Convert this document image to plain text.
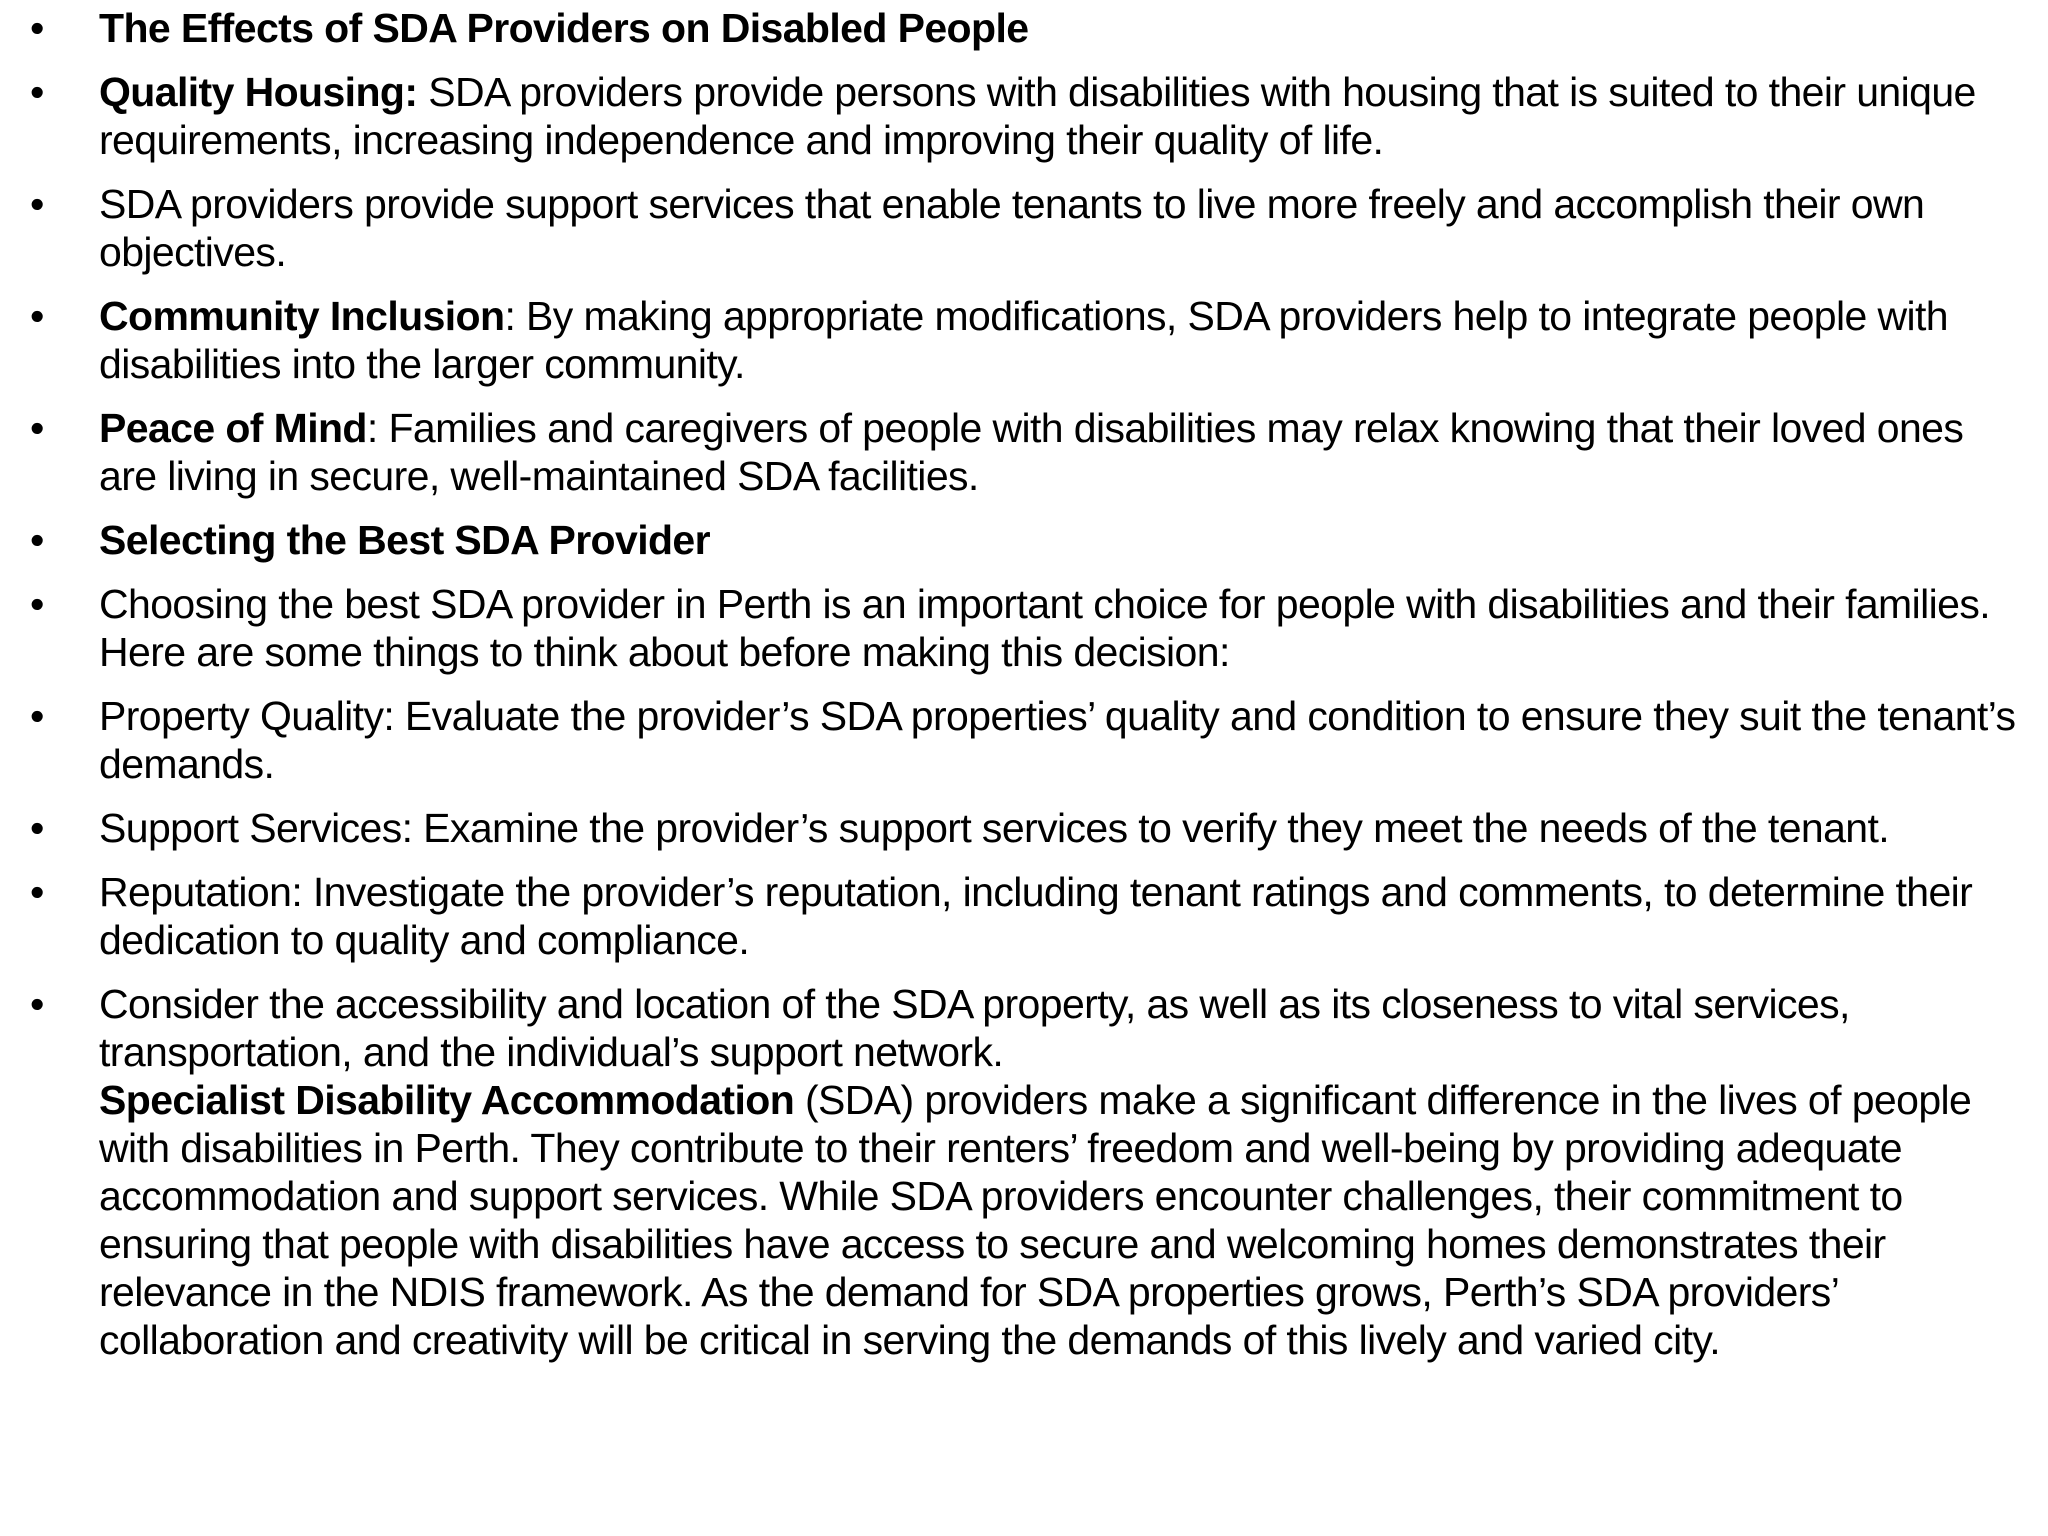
•	The Effects of SDA Providers on Disabled People
•	Quality Housing: SDA providers provide persons with disabilities with housing that is suited to their unique requirements, increasing independence and improving their quality of life.
•	SDA providers provide support services that enable tenants to live more freely and accomplish their own objectives.
•	Community Inclusion: By making appropriate modifications, SDA providers help to integrate people with disabilities into the larger community.
•	Peace of Mind: Families and caregivers of people with disabilities may relax knowing that their loved ones are living in secure, well-maintained SDA facilities.
•	Selecting the Best SDA Provider
•	Choosing the best SDA provider in Perth is an important choice for people with disabilities and their families. Here are some things to think about before making this decision:
•	Property Quality: Evaluate the provider’s SDA properties’ quality and condition to ensure they suit the tenant’s demands.
•	Support Services: Examine the provider’s support services to verify they meet the needs of the tenant.
•	Reputation: Investigate the provider’s reputation, including tenant ratings and comments, to determine their dedication to quality and compliance.
•	Consider the accessibility and location of the SDA property, as well as its closeness to vital services, transportation, and the individual’s support network.
Specialist Disability Accommodation (SDA) providers make a significant difference in the lives of people with disabilities in Perth. They contribute to their renters’ freedom and well-being by providing adequate accommodation and support services. While SDA providers encounter challenges, their commitment to ensuring that people with disabilities have access to secure and welcoming homes demonstrates their relevance in the NDIS framework. As the demand for SDA properties grows, Perth’s SDA providers’ collaboration and creativity will be critical in serving the demands of this lively and varied city.
